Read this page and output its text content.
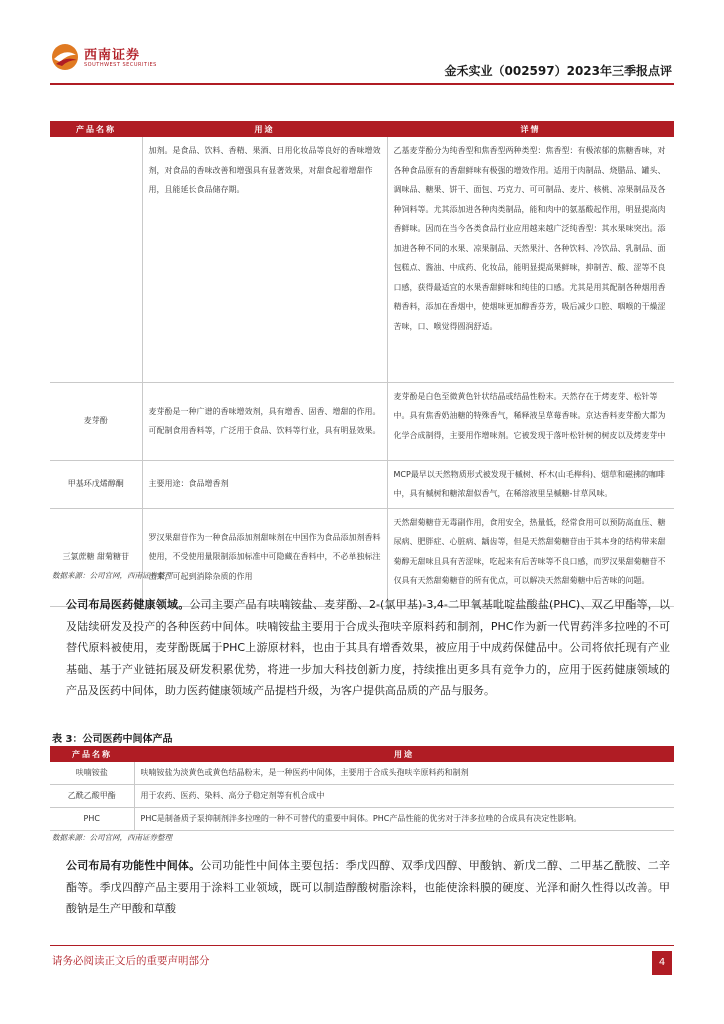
西南证券
SOUTHWEST SECURITIES	金禾实业（002597）2023年三季报点评
产品名称	用途	详情
	加剂。是食品、饮料、香精、果酒、日用化妆品等良好的香味增效剂，对食品的香味改善和增强具有显著效果，对甜食起着增甜作用，且能延长食品储存期。	乙基麦芽酚分为纯香型和焦香型两种类型：焦香型：有极浓郁的焦糖香味，对各种食品原有的香甜鲜味有极强的增效作用。适用于肉制品、烧腊品、罐头、调味品、糖果、饼干、面包、巧克力、可可制品、麦片、核桃、凉果制品及各种饲料等。尤其添加进各种肉类制品，能和肉中的氨基酸起作用，明显提高肉香鲜味。因而在当今各类食品行业应用越来越广泛纯香型：其水果味突出。添加进各种不同的水果、凉果制品、天然果汁、各种饮料、冷饮品、乳制品、面包糕点、酱油、中成药、化妆品，能明显提高果鲜味，抑制苦、酸、涩等不良口感，获得最适宜的水果香甜鲜味和纯佳的口感。尤其是用其配制各种烟用香精香料，添加在香烟中，使烟味更加醇香芬芳，吸后减少口腔、咽喉的干燥涩苦味，口、喉觉得圆润舒适。
麦芽酚	麦芽酚是一种广谱的香味增效剂，具有增香、固香、增甜的作用。可配制食用香料等，广泛用于食品、饮料等行业，具有明显效果。	麦芽酚是白色至微黄色针状结晶或结晶性粉末。天然存在于烤麦芽、松针等中。具有焦香奶油糖的特殊香气，稀释液呈草莓香味。京达香料麦芽酚大都为化学合成制得，主要用作增味剂。它被发现于落叶松针树的树皮以及烤麦芽中
甲基环戊烯醇酮	主要用途：食品增香剂	MCP最早以天然物质形式被发现于槭树、杯木(山毛榉科)、烟草和磁拂的咖啡中，具有槭树和糖浓甜似香气，在稀溶液里呈槭糖-甘草风味。
三氯蔗糖 甜菊糖苷	罗汉果甜苷作为一种食品添加剂甜味剂在中国作为食品添加剂香料使用，不受使用量限制添加标准中可隐藏在香料中，不必单独标注出来，可起到消除杂质的作用	天然甜菊糖苷无毒副作用，食用安全，热量低，经常食用可以预防高血压、糖尿病、肥胖症、心脏病、龋齿等，但是天然甜菊糖苷由于其本身的结构带来甜菊醇无甜味且具有苦涩味，吃起来有后苦味等不良口感，而罗汉果甜菊糖苷不仅具有天然甜菊糖苷的所有优点，可以解决天然甜菊糖中后苦味的问题。
数据来源：公司官网，西南证券整理
公司布局医药健康领域。公司主要产品有呋喃铵盐、麦芽酚、2-(氯甲基)-3,4-二甲氧基吡啶盐酸盐(PHC)、双乙甲酯等，以及陆续研发及投产的各种医药中间体。呋喃铵盐主要用于合成头孢呋辛原料药和制剂，PHC作为新一代胃药泮多拉唑的不可替代原料被使用，麦芽酚既属于PHC上游原材料，也由于其具有增香效果，被应用于中成药保健品中。公司将依托现有产业基础、基于产业链拓展及研发积累优势，将进一步加大科技创新力度，持续推出更多具有竞争力的，应用于医药健康领域的产品及医药中间体，助力医药健康领域产品提档升级，为客户提供高品质的产品与服务。
表 3：公司医药中间体产品
产品名称	用途
呋喃铵盐	呋喃铵盐为淡黄色或黄色结晶粉末，是一种医药中间体，主要用于合成头孢呋辛原料药和制剂
乙酰乙酸甲酯	用于农药、医药、染料、高分子稳定剂等有机合成中
PHC	PHC是制备质子泵抑制剂泮多拉唑的一种不可替代的重要中间体。PHC产品性能的优劣对于泮多拉唑的合成具有决定性影响。
数据来源：公司官网，西南证券整理
公司布局有功能性中间体。公司功能性中间体主要包括：季戊四醇、双季戊四醇、甲酸钠、新戊二醇、二甲基乙酰胺、二辛酯等。季戊四醇产品主要用于涂料工业领域，既可以制造醇酸树脂涂料，也能使涂料膜的硬度、光泽和耐久性得以改善。甲酸钠是生产甲酸和草酸
请务必阅读正文后的重要声明部分	4
